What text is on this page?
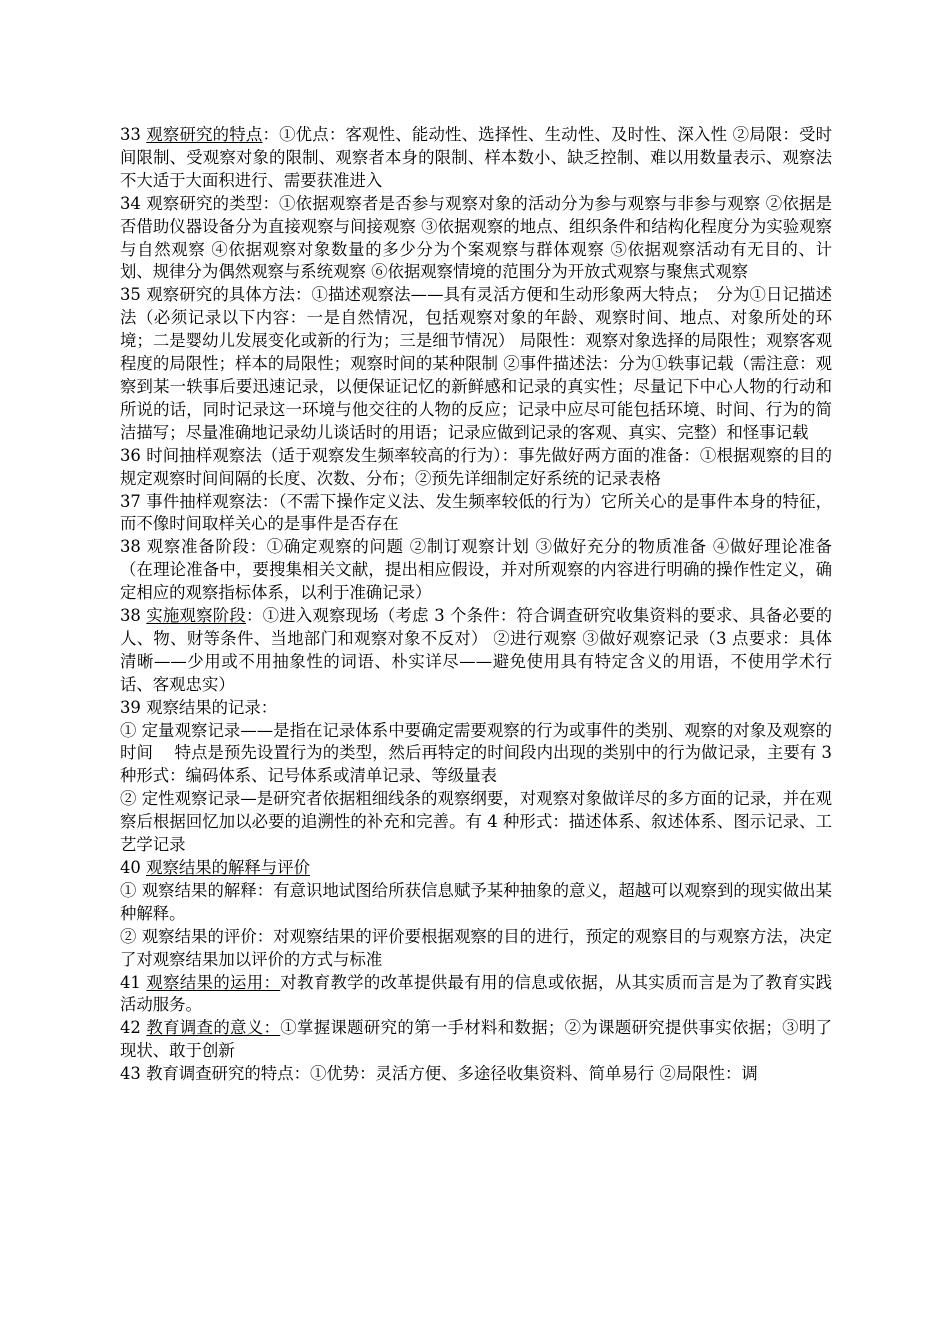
33 观察研究的特点：①优点：客观性、能动性、选择性、生动性、及时性、深入性 ②局限：受时间限制、受观察对象的限制、观察者本身的限制、样本数小、缺乏控制、难以用数量表示、观察法不大适于大面积进行、需要获准进入

34 观察研究的类型：①依据观察者是否参与观察对象的活动分为参与观察与非参与观察 ②依据是否借助仪器设备分为直接观察与间接观察 ③依据观察的地点、组织条件和结构化程度分为实验观察与自然观察 ④依据观察对象数量的多少分为个案观察与群体观察 ⑤依据观察活动有无目的、计划、规律分为偶然观察与系统观察 ⑥依据观察情境的范围分为开放式观察与聚焦式观察

35 观察研究的具体方法：①描述观察法——具有灵活方便和生动形象两大特点；　分为①日记描述法（必须记录以下内容：一是自然情况，包括观察对象的年龄、观察时间、地点、对象所处的环境；二是婴幼儿发展变化或新的行为；三是细节情况） 局限性：观察对象选择的局限性；观察客观程度的局限性；样本的局限性；观察时间的某种限制 ②事件描述法：分为①轶事记载（需注意：观察到某一轶事后要迅速记录，以便保证记忆的新鲜感和记录的真实性；尽量记下中心人物的行动和所说的话，同时记录这一环境与他交往的人物的反应；记录中应尽可能包括环境、时间、行为的简洁描写；尽量准确地记录幼儿谈话时的用语；记录应做到记录的客观、真实、完整）和怪事记载

36 时间抽样观察法（适于观察发生频率较高的行为）：事先做好两方面的准备：①根据观察的目的规定观察时间间隔的长度、次数、分布；②预先详细制定好系统的记录表格

37 事件抽样观察法：（不需下操作定义法、发生频率较低的行为）它所关心的是事件本身的特征，而不像时间取样关心的是事件是否存在

38 观察准备阶段：①确定观察的问题 ②制订观察计划 ③做好充分的物质准备 ④做好理论准备（在理论准备中，要搜集相关文献，提出相应假设，并对所观察的内容进行明确的操作性定义，确定相应的观察指标体系，以利于准确记录）

38 实施观察阶段：①进入观察现场（考虑 3 个条件：符合调查研究收集资料的要求、具备必要的人、物、财等条件、当地部门和观察对象不反对） ②进行观察 ③做好观察记录（3 点要求：具体清晰——少用或不用抽象性的词语、朴实详尽——避免使用具有特定含义的用语，不使用学术行话、客观忠实）

39 观察结果的记录：

① 定量观察记录——是指在记录体系中要确定需要观察的行为或事件的类别、观察的对象及观察的时间　 特点是预先设置行为的类型，然后再特定的时间段内出现的类别中的行为做记录，主要有 3 种形式：编码体系、记号体系或清单记录、等级量表

② 定性观察记录—是研究者依据粗细线条的观察纲要，对观察对象做详尽的多方面的记录，并在观察后根据回忆加以必要的追溯性的补充和完善。有 4 种形式：描述体系、叙述体系、图示记录、工艺学记录

40 观察结果的解释与评价

① 观察结果的解释：有意识地试图给所获信息赋予某种抽象的意义，超越可以观察到的现实做出某种解释。

② 观察结果的评价：对观察结果的评价要根据观察的目的进行，预定的观察目的与观察方法，决定了对观察结果加以评价的方式与标准

41 观察结果的运用：对教育教学的改革提供最有用的信息或依据，从其实质而言是为了教育实践活动服务。

42 教育调查的意义：①掌握课题研究的第一手材料和数据；②为课题研究提供事实依据；③明了现状、敢于创新

43 教育调查研究的特点：①优势：灵活方便、多途径收集资料、简单易行 ②局限性：调
